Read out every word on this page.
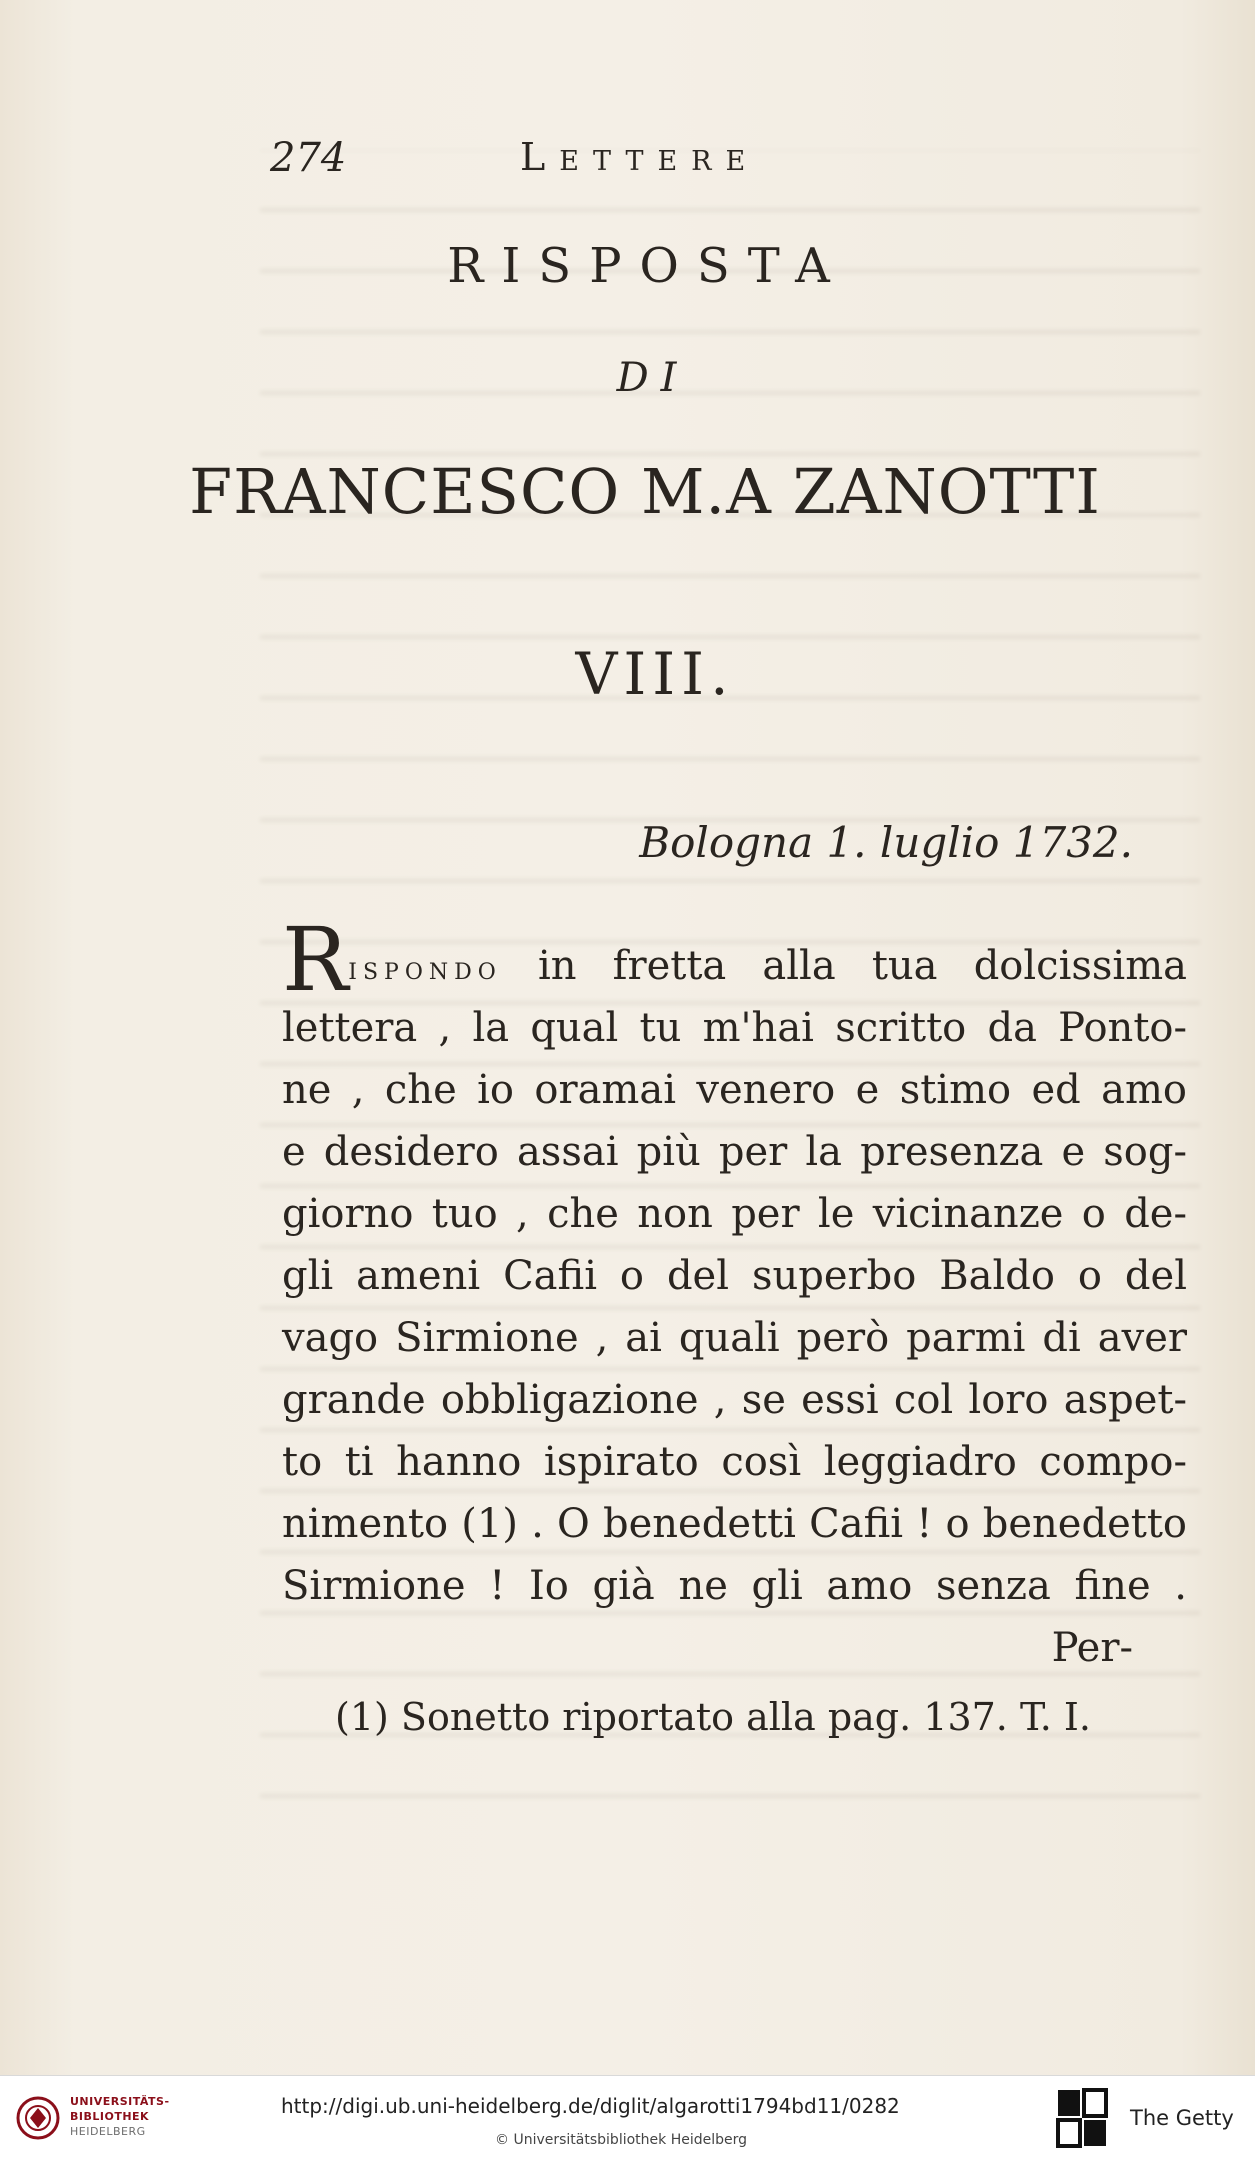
274	Lettere
RISPOSTA
DI
FRANCESCO M.A ZANOTTI
VIII.
Bologna 1. luglio 1732.
Rispondo in fretta alla tua dolcissima
lettera , la qual tu m'hai scritto da Ponto-
ne , che io oramai venero e stimo ed amo
e desidero assai più per la presenza e sog-
giorno tuo , che non per le vicinanze o de-
gli ameni Cafii o del superbo Baldo o del
vago Sirmione , ai quali però parmi di aver
grande obbligazione , se essi col loro aspet-
to ti hanno ispirato così leggiadro compo-
nimento (1) . O benedetti Cafii ! o benedetto
Sirmione ! Io già ne gli amo senza fine .
Per-
(1) Sonetto riportato alla pag. 137. T. I.
UNIVERSITÄTS-
BIBLIOTHEK
HEIDELBERG
http://digi.ub.uni-heidelberg.de/diglit/algarotti1794bd11/0282
© Universitätsbibliothek Heidelberg
The Getty
